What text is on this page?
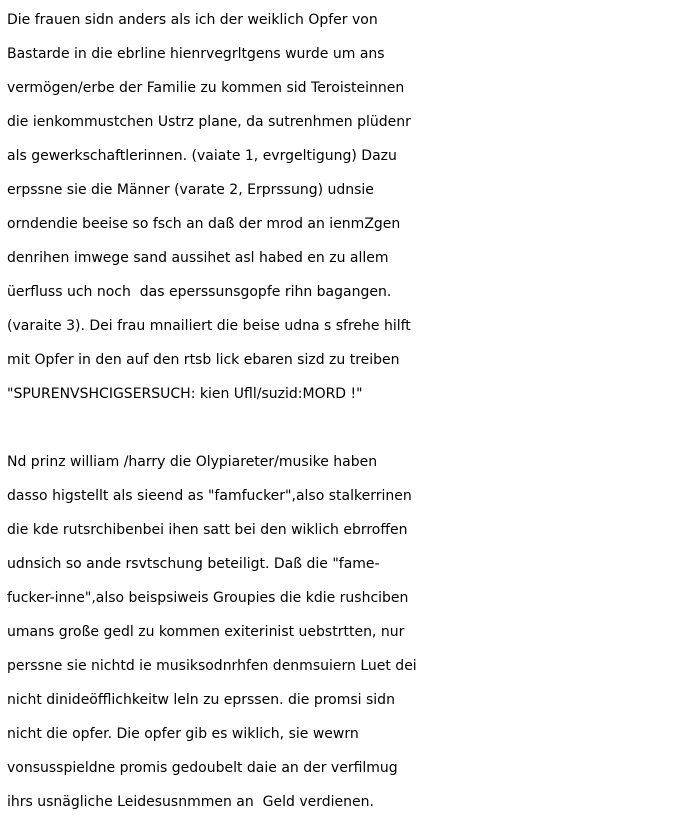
Die frauen sidn anders als ich der weiklich Opfer von
Bastarde in die ebrline hienrvegrltgens wurde um ans
vermögen/erbe der Familie zu kommen sid Teroisteinnen
die ienkommustchen Ustrz plane, da sutrenhmen plüdenr
als gewerkschaftlerinnen. (vaiate 1, evrgeltigung) Dazu
erpssne sie die Männer (varate 2, Erprssung) udnsie
orndendie beeise so fsch an daß der mrod an ienmZgen
denrihen imwege sand aussihet asl habed en zu allem
üerfluss uch noch  das eperssunsgopfe rihn bagangen.
(varaite 3). Dei frau mnailiert die beise udna s sfrehe hilft
mit Opfer in den auf den rtsb lick ebaren sizd zu treiben
"SPURENVSHCIGSERSUCH: kien Ufll/suzid:MORD !"
Nd prinz william /harry die Olypiareter/musike haben
dasso higstellt als sieend as "famfucker",also stalkerrinen
die kde rutsrchibenbei ihen satt bei den wiklich ebrroffen
udnsich so ande rsvtschung beteiligt. Daß die "fame-
fucker-inne",also beispsiweis Groupies die kdie rushciben
umans große gedl zu kommen exiterinist uebstrtten, nur
perssne sie nichtd ie musiksodnrhfen denmsuiern Luet dei
nicht dinideöfflichkeitw leln zu eprssen. die promsi sidn
nicht die opfer. Die opfer gib es wiklich, sie wewrn
vonsusspieldne promis gedoubelt daie an der verfilmug
ihrs usnägliche Leidesusnmmen an  Geld verdienen.
